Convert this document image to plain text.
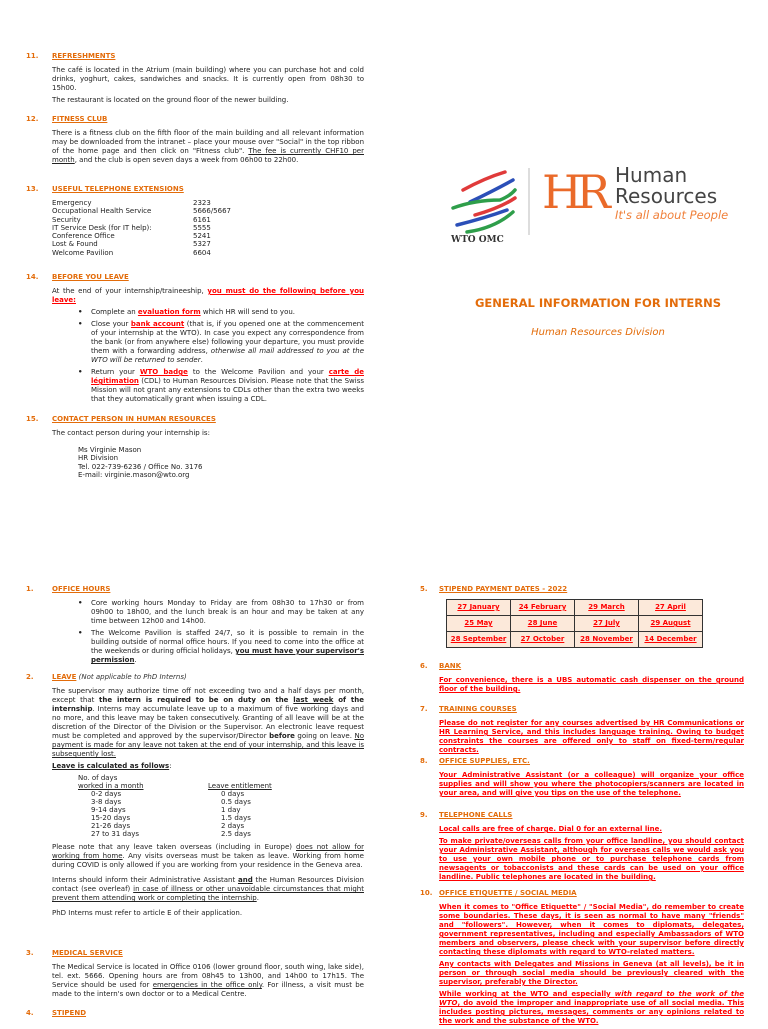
WTO OMC
HR Human
Resources
It's all about People
GENERAL INFORMATION FOR INTERNS
Human Resources Division
11. REFRESHMENTS
The café is located in the Atrium (main building) where you can purchase hot and cold drinks, yoghurt, cakes, sandwiches and snacks. It is currently open from 08h30 to 15h00.
The restaurant is located on the ground floor of the newer building.
12. FITNESS CLUB
There is a fitness club on the fifth floor of the main building and all relevant information may be downloaded from the intranet – place your mouse over "Social" in the top ribbon of the home page and then click on "Fitness club". The fee is currently CHF10 per month, and the club is open seven days a week from 06h00 to 22h00.
13. USEFUL TELEPHONE EXTENSIONS
Emergency	2323
Occupational Health Service	5666/5667
Security	6161
IT Service Desk (for IT help):	5555
Conference Office	5241
Lost & Found	5327
Welcome Pavilion	6604
14. BEFORE YOU LEAVE
At the end of your internship/traineeship, you must do the following before you leave:
• Complete an evaluation form which HR will send to you.
• Close your bank account (that is, if you opened one at the commencement of your internship at the WTO). In case you expect any correspondence from the bank (or from anywhere else) following your departure, you must provide them with a forwarding address, otherwise all mail addressed to you at the WTO will be returned to sender.
• Return your WTO badge to the Welcome Pavilion and your carte de légitimation (CDL) to Human Resources Division. Please note that the Swiss Mission will not grant any extensions to CDLs other than the extra two weeks that they automatically grant when issuing a CDL.
15. CONTACT PERSON IN HUMAN RESOURCES
The contact person during your internship is:
Ms Virginie Mason
HR Division
Tel. 022-739-6236 / Office No. 3176
E-mail: virginie.mason@wto.org
1.	OFFICE HOURS
• Core working hours Monday to Friday are from 08h30 to 17h30 or from 09h00 to 18h00, and the lunch break is an hour and may be taken at any time between 12h00 and 14h00.
• The Welcome Pavilion is staffed 24/7, so it is possible to remain in the building outside of normal office hours. If you need to come into the office at the weekends or during official holidays, you must have your supervisor's permission.
2.	LEAVE (Not applicable to PhD Interns)
The supervisor may authorize time off not exceeding two and a half days per month, except that the intern is required to be on duty on the last week of the internship. Interns may accumulate leave up to a maximum of five working days and no more, and this leave may be taken consecutively. Granting of all leave will be at the discretion of the Director of the Division or the Supervisor. An electronic leave request must be completed and approved by the supervisor/Director before going on leave. No payment is made for any leave not taken at the end of your internship, and this leave is subsequently lost.
Leave is calculated as follows:
No. of days
worked in a month	Leave entitlement
0-2 days	0 days
3-8 days	0.5 days
9-14 days	1 day
15-20 days	1.5 days
21-26 days	2 days
27 to 31 days	2.5 days
Please note that any leave taken overseas (including in Europe) does not allow for working from home. Any visits overseas must be taken as leave. Working from home during COVID is only allowed if you are working from your residence in the Geneva area.
Interns should inform their Administrative Assistant and the Human Resources Division contact (see overleaf) in case of illness or other unavoidable circumstances that might prevent them attending work or completing the internship.
PhD Interns must refer to article E of their application.
3.	MEDICAL SERVICE
The Medical Service is located in Office 0106 (lower ground floor, south wing, lake side), tel. ext. 5666. Opening hours are from 08h45 to 13h00, and 14h00 to 17h15. The Service should be used for emergencies in the office only. For illness, a visit must be made to the intern's own doctor or to a Medical Centre.
4.	STIPEND
5. STIPEND PAYMENT DATES - 2022
27 January	24 February	29 March	27 April
25 May	28 June	27 July	29 August
28 September	27 October	28 November	14 December
6. BANK
For convenience, there is a UBS automatic cash dispenser on the ground floor of the building.
7. TRAINING COURSES
Please do not register for any courses advertised by HR Communications or HR Learning Service, and this includes language training. Owing to budget constraints the courses are offered only to staff on fixed-term/regular contracts.
8. OFFICE SUPPLIES, ETC.
Your Administrative Assistant (or a colleague) will organize your office supplies and will show you where the photocopiers/scanners are located in your area, and will give you tips on the use of the telephone.
9. TELEPHONE CALLS
Local calls are free of charge. Dial 0 for an external line.
To make private/overseas calls from your office landline, you should contact your Administrative Assistant, although for overseas calls we would ask you to use your own mobile phone or to purchase telephone cards from newsagents or tobacconists and these cards can be used on your office landline. Public telephones are located in the building.
10. OFFICE ETIQUETTE / SOCIAL MEDIA
When it comes to "Office Etiquette" / "Social Media", do remember to create some boundaries. These days, it is seen as normal to have many "friends" and "followers". However, when it comes to diplomats, delegates, government representatives, including and especially Ambassadors of WTO members and observers, please check with your supervisor before directly contacting these diplomats with regard to WTO-related matters.
Any contacts with Delegates and Missions in Geneva (at all levels), be it in person or through social media should be previously cleared with the supervisor, preferably the Director.
While working at the WTO and especially with regard to the work of the WTO, do avoid the improper and inappropriate use of all social media. This includes posting pictures, messages, comments or any opinions related to the work and the substance of the WTO.
